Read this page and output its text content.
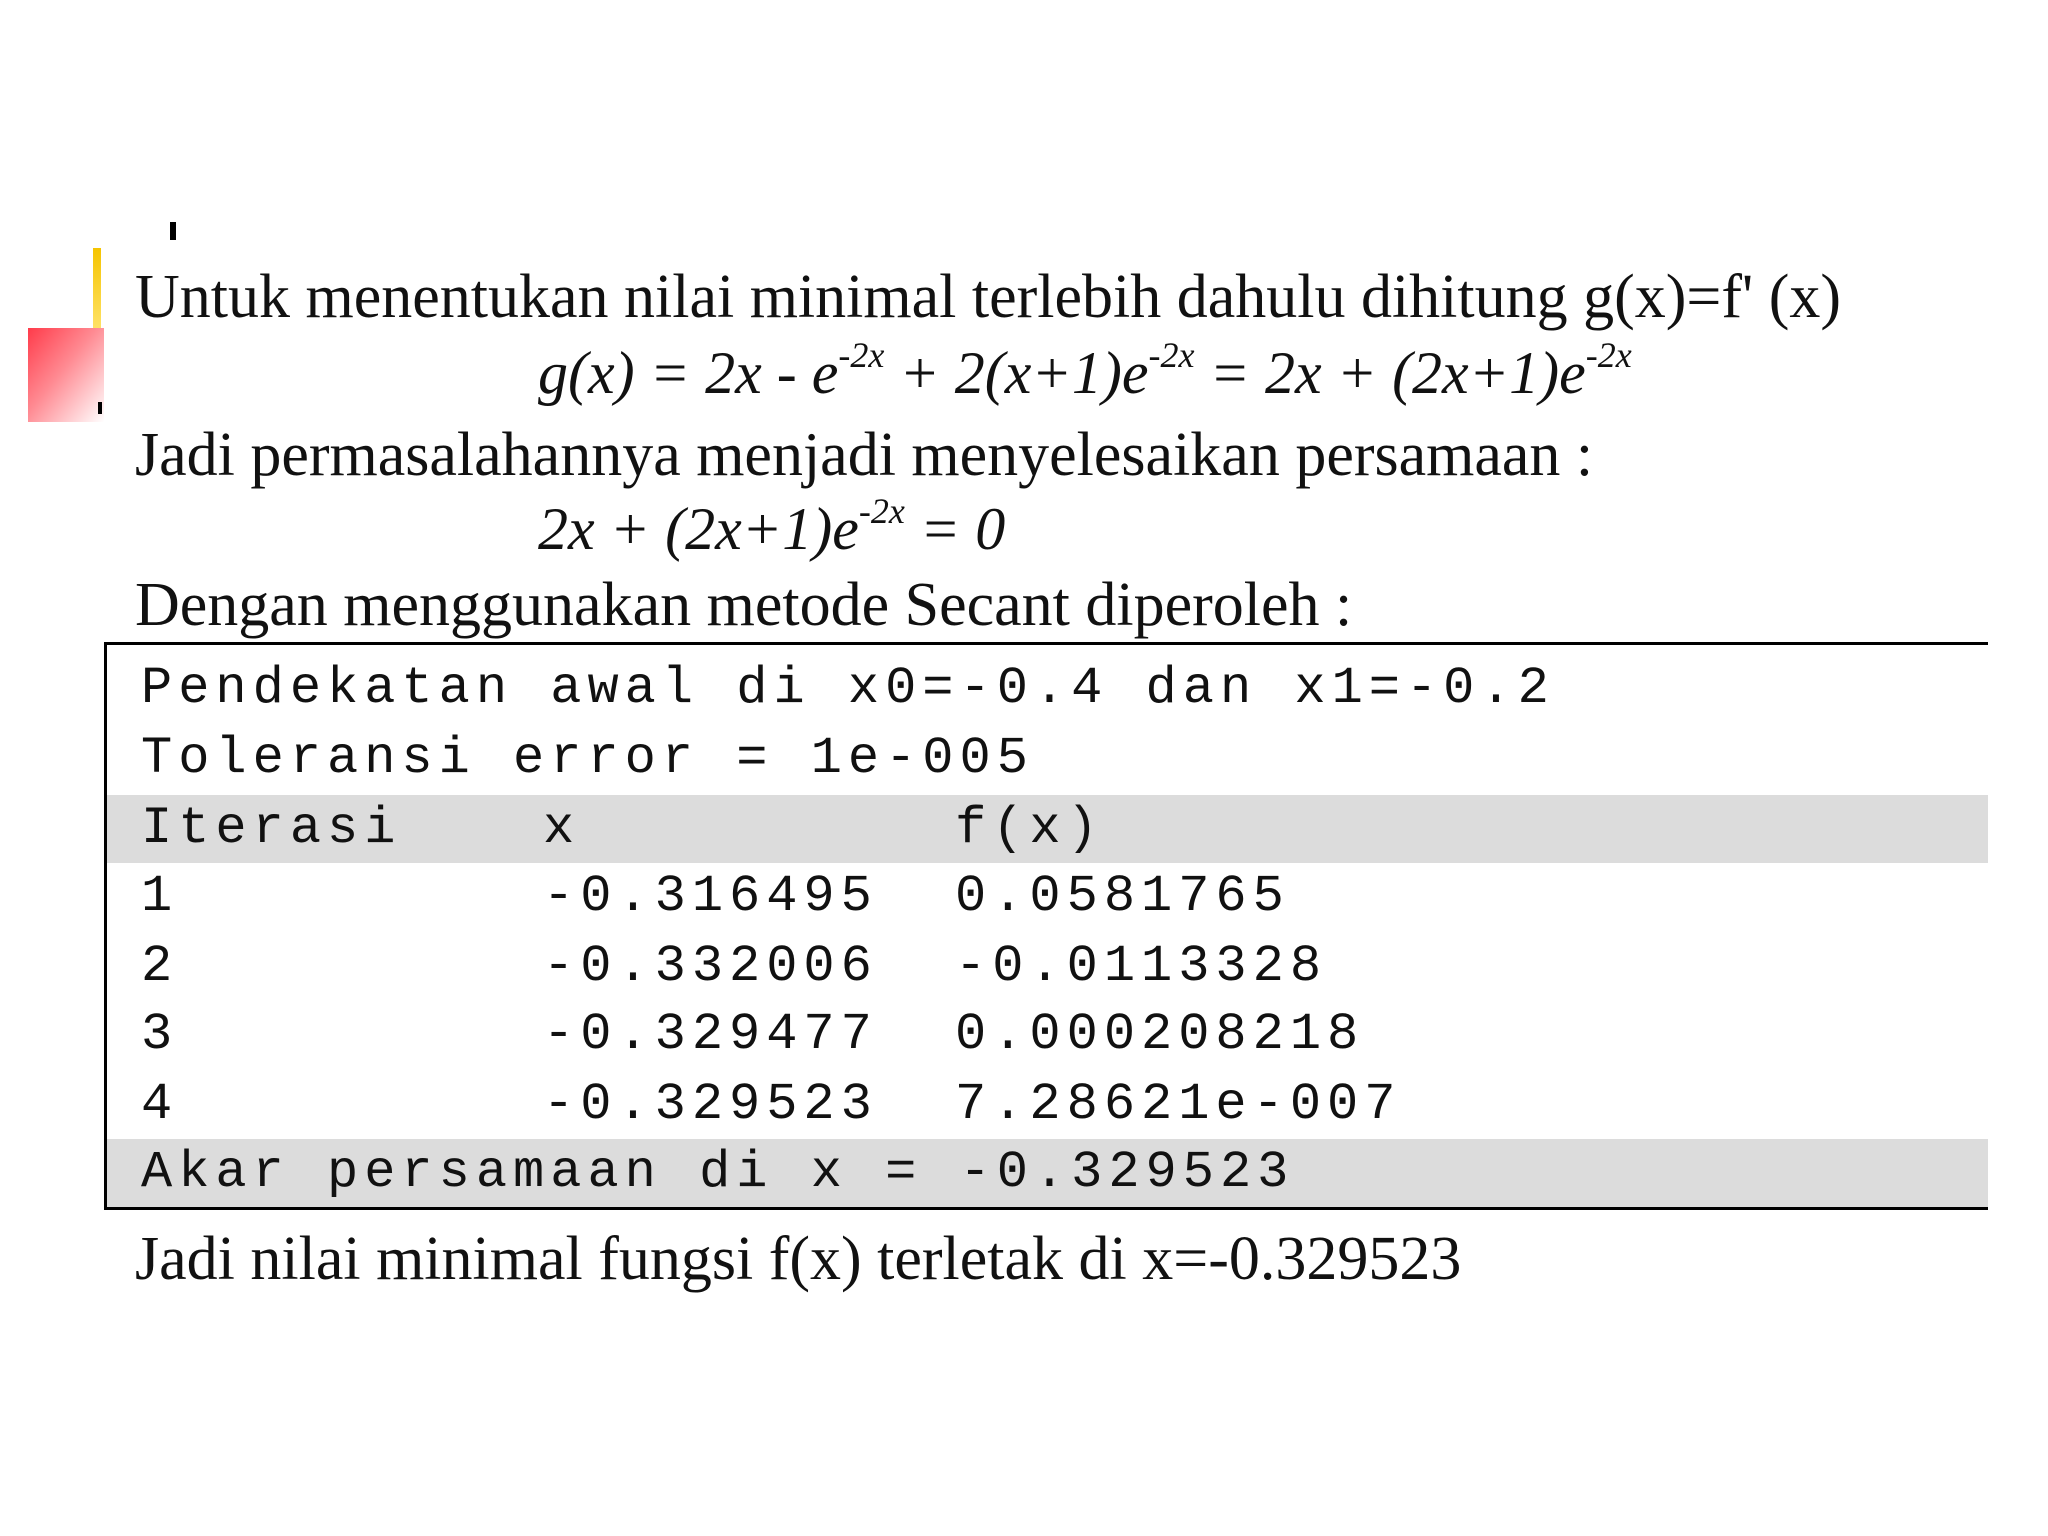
Untuk menentukan nilai minimal terlebih dahulu dihitung g(x)=f' (x)
$g(x) = 2x - e^{-2x} + 2(x+1)e^{-2x} = 2x + (2x+1)e^{-2x}$
Jadi permasalahannya menjadi menyelesaikan persamaan :
$2x + (2x+1)e^{-2x} = 0$
Dengan menggunakan metode Secant diperoleh :
Pendekatan awal di x0=-0.4 dan x1=-0.2
Toleransi error = 1e-005
Iterasi	x	f(x)
1	-0.316495 0.0581765
2	-0.332006 -0.0113328
3	-0.329477 0.000208218
4	-0.329523 7.28621e-007
Akar persamaan di x = -0.329523
Jadi nilai minimal fungsi f(x) terletak di x=-0.329523
